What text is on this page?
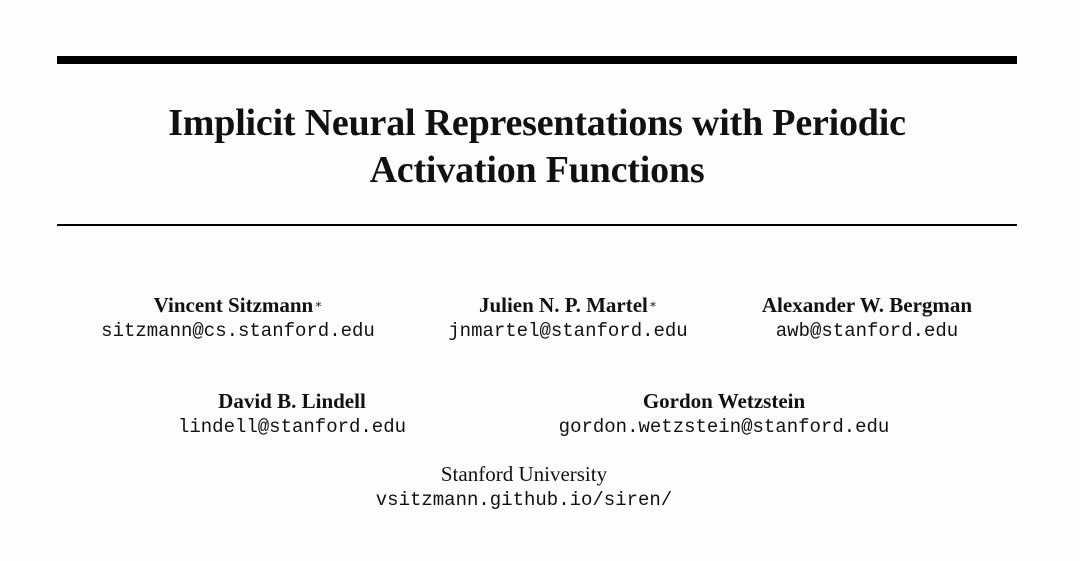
Implicit Neural Representations with Periodic
Activation Functions
Vincent Sitzmann∗
sitzmann@cs.stanford.edu
Julien N. P. Martel∗
jnmartel@stanford.edu
Alexander W. Bergman
awb@stanford.edu
David B. Lindell
lindell@stanford.edu
Gordon Wetzstein
gordon.wetzstein@stanford.edu
Stanford University
vsitzmann.github.io/siren/
